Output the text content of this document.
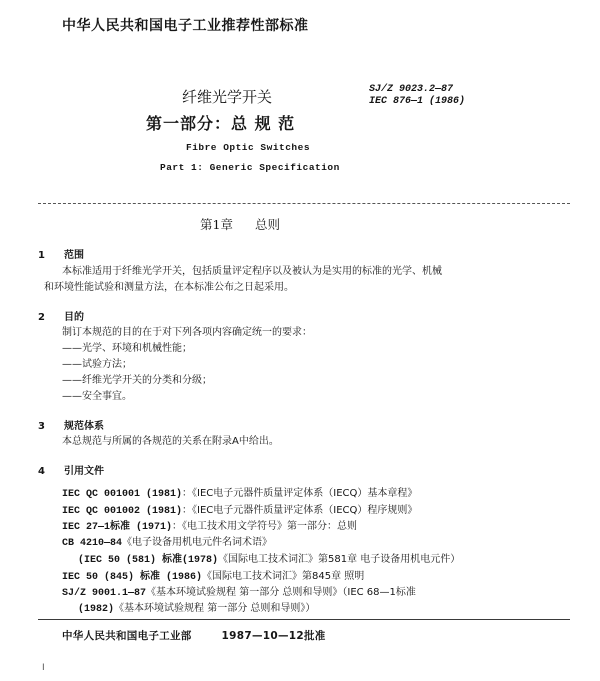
中华人民共和国电子工业推荐性部标准
纤维光学开关
第一部分：总 规 范
SJ/Z 9023.2—87
IEC 876—1 (1986)
Fibre Optic Switches
Part 1: Generic Specification
第1章 总则
1 范围
本标准适用于纤维光学开关，包括质量评定程序以及被认为是实用的标准的光学、机械
和环境性能试验和测量方法，在本标准公布之日起采用。
2 目的
制订本规范的目的在于对下列各项内容确定统一的要求：
——光学、环境和机械性能；
——试验方法；
——纤维光学开关的分类和分级；
——安全事宜。
3 规范体系
本总规范与所属的各规范的关系在附录A中给出。
4 引用文件
IEC QC 001001 (1981)：《IEC电子元器件质量评定体系（IECQ）基本章程》
IEC QC 001002 (1981)：《IEC电子元器件质量评定体系（IECQ）程序规则》
IEC 27—1标准 (1971)：《电工技术用文学符号》第一部分：总则
CB 4210—84《电子设备用机电元件名词术语》
(IEC 50 (581) 标准(1978)《国际电工技术词汇》第581章 电子设备用机电元件）
IEC 50 (845) 标准 (1986)《国际电工技术词汇》第845章 照明
SJ/Z 9001.1—87《基本环境试验规程 第一部分 总则和导则》（IEC 68—1标准
(1982)《基本环境试验规程 第一部分 总则和导则》）
中华人民共和国电子工业部	1987—10—12批准
I
